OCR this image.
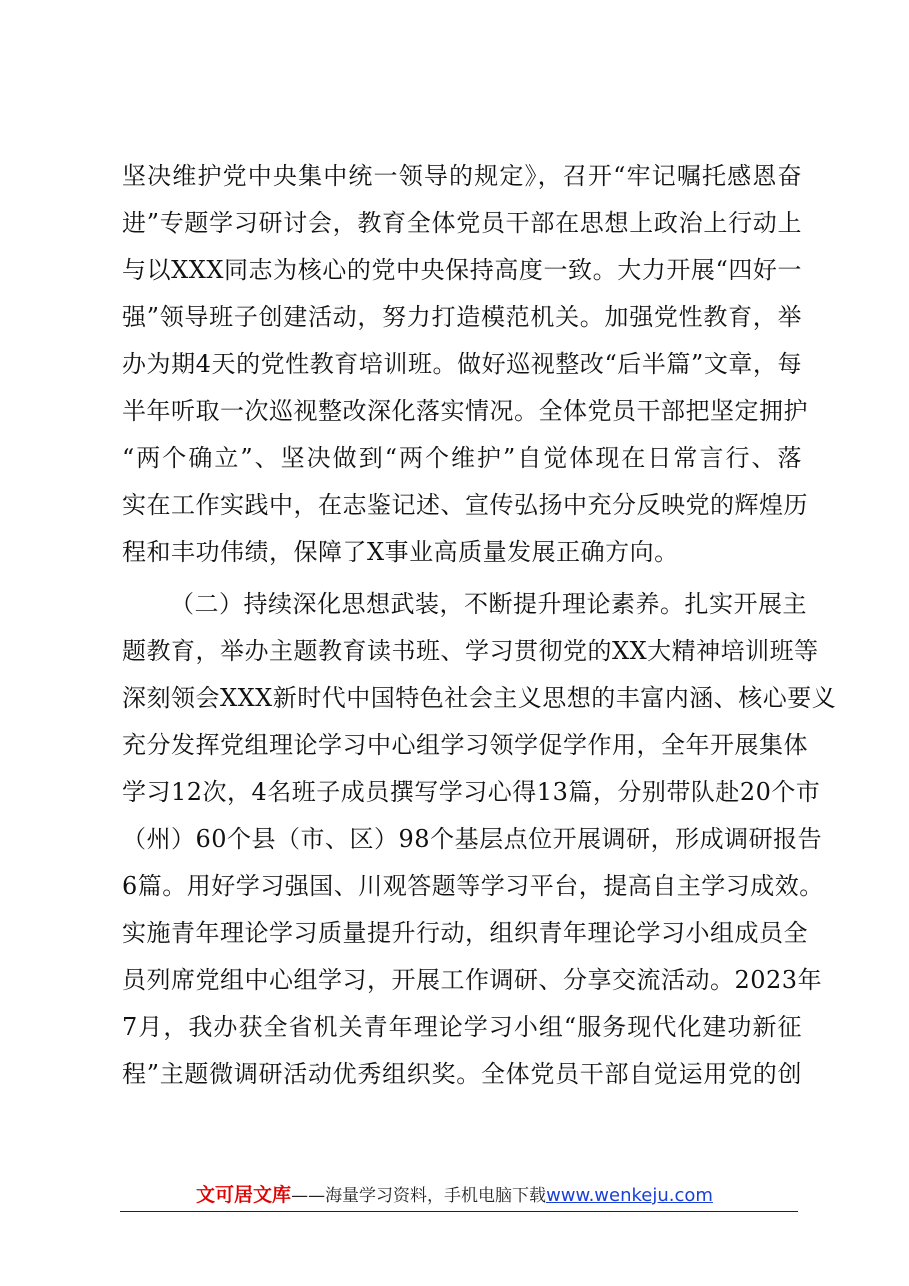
坚决维护党中央集中统一领导的规定》，召开“牢记嘱托感恩奋
进”专题学习研讨会，教育全体党员干部在思想上政治上行动上
与以XXX同志为核心的党中央保持高度一致。大力开展“四好一
强”领导班子创建活动，努力打造模范机关。加强党性教育，举
办为期4天的党性教育培训班。做好巡视整改“后半篇”文章，每
半年听取一次巡视整改深化落实情况。全体党员干部把坚定拥护
“两个确立”、坚决做到“两个维护”自觉体现在日常言行、落
实在工作实践中，在志鉴记述、宣传弘扬中充分反映党的辉煌历
程和丰功伟绩，保障了X事业高质量发展正确方向。
（二）持续深化思想武装，不断提升理论素养。扎实开展主
题教育，举办主题教育读书班、学习贯彻党的XX大精神培训班等
深刻领会XXX新时代中国特色社会主义思想的丰富内涵、核心要义
充分发挥党组理论学习中心组学习领学促学作用，全年开展集体
学习12次，4名班子成员撰写学习心得13篇，分别带队赴20个市
（州）60个县（市、区）98个基层点位开展调研，形成调研报告
6篇。用好学习强国、川观答题等学习平台，提高自主学习成效。
实施青年理论学习质量提升行动，组织青年理论学习小组成员全
员列席党组中心组学习，开展工作调研、分享交流活动。2023年
7月，我办获全省机关青年理论学习小组“服务现代化建功新征
程”主题微调研活动优秀组织奖。全体党员干部自觉运用党的创
文可居文库——海量学习资料，手机电脑下载www.wenkeju.com
